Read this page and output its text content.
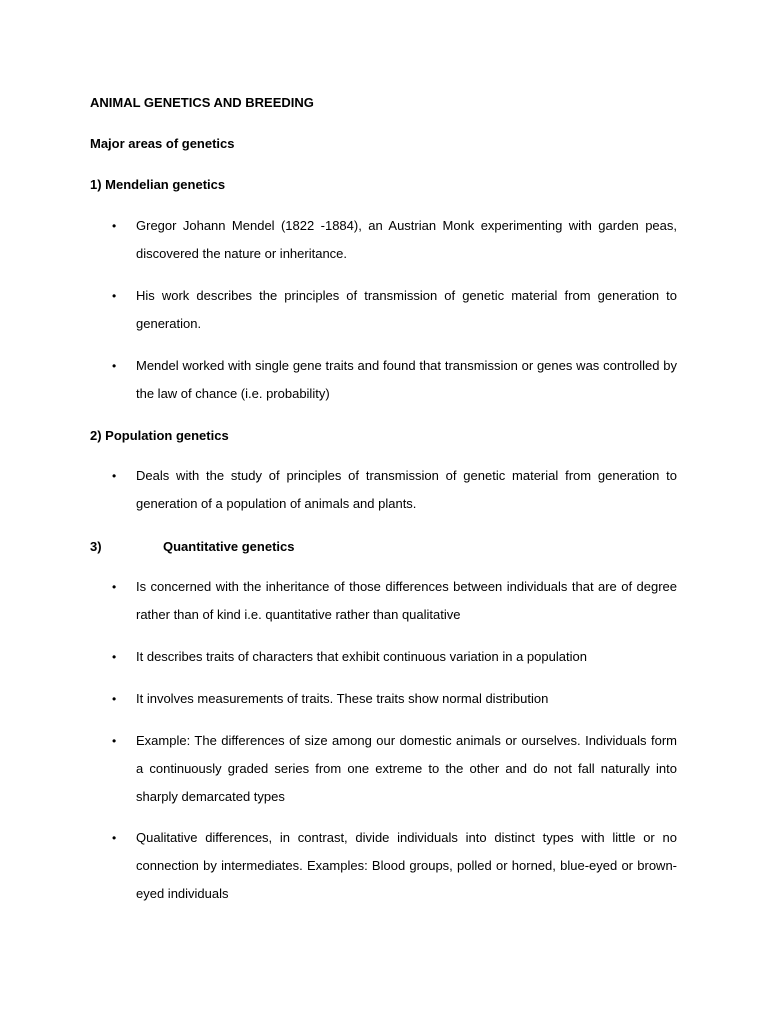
ANIMAL GENETICS AND BREEDING
Major areas of genetics
1) Mendelian genetics
•	Gregor Johann Mendel (1822 -1884), an Austrian Monk experimenting with garden peas, discovered the nature or inheritance.
•	His work describes the principles of transmission of genetic material from generation to generation.
•	Mendel worked with single gene traits and found that transmission or genes was controlled by the law of chance (i.e. probability)
2) Population genetics
•	Deals with the study of principles of transmission of genetic material from generation to generation of a population of animals and plants.
3)	Quantitative genetics
•	Is concerned with the inheritance of those differences between individuals that are of degree rather than of kind i.e. quantitative rather than qualitative
•	It describes traits of characters that exhibit continuous variation in a population
•	It involves measurements of traits. These traits show normal distribution
•	Example: The differences of size among our domestic animals or ourselves. Individuals form a continuously graded series from one extreme to the other and do not fall naturally into sharply demarcated types
•	Qualitative differences, in contrast, divide individuals into distinct types with little or no connection by intermediates. Examples: Blood groups, polled or horned, blue-eyed or brown-eyed individuals
